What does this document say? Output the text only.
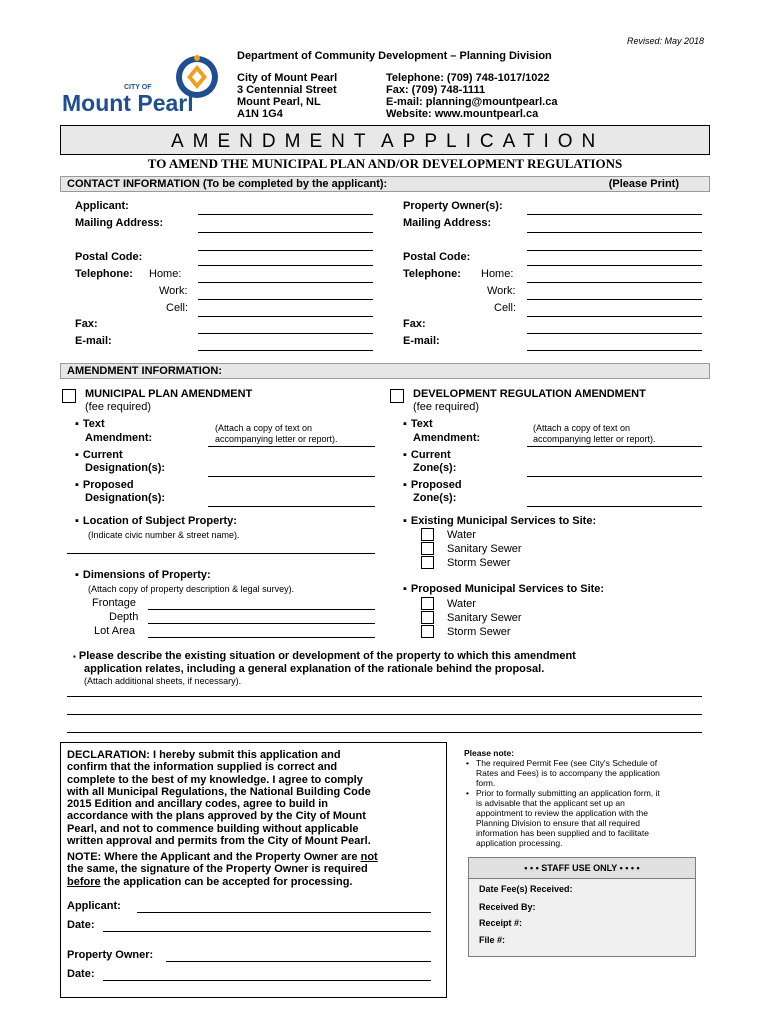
Revised: May 2018
CITY OF
Mount Pearl
Department of Community Development – Planning Division
City of Mount Pearl
3 Centennial Street
Mount Pearl, NL
A1N 1G4
Telephone: (709) 748-1017/1022
Fax: (709) 748-1111
E-mail: planning@mountpearl.ca
Website: www.mountpearl.ca
AMENDMENT APPLICATION
TO AMEND THE MUNICIPAL PLAN AND/OR DEVELOPMENT REGULATIONS
CONTACT INFORMATION (To be completed by the applicant):	(Please Print)
Applicant:
Mailing Address:
Postal Code:
Telephone: Home:
Work:
Cell:
Fax:
E-mail:
Property Owner(s):
Mailing Address:
Postal Code:
Telephone: Home:
Work:
Cell:
Fax:
E-mail:
AMENDMENT INFORMATION:
MUNICIPAL PLAN AMENDMENT
(fee required)
▪ Text
Amendment:
(Attach a copy of text on
accompanying letter or report).
▪ Current
Designation(s):
▪ Proposed
Designation(s):
▪ Location of Subject Property:
(Indicate civic number & street name).
▪ Dimensions of Property:
(Attach copy of property description & legal survey).
Frontage
Depth
Lot Area
DEVELOPMENT REGULATION AMENDMENT
(fee required)
▪ Text
Amendment:
(Attach a copy of text on
accompanying letter or report).
▪ Current
Zone(s):
▪ Proposed
Zone(s):
▪ Existing Municipal Services to Site:
Water
Sanitary Sewer
Storm Sewer
▪ Proposed Municipal Services to Site:
Water
Sanitary Sewer
Storm Sewer
▪ Please describe the existing situation or development of the property to which this amendment
application relates, including a general explanation of the rationale behind the proposal.
(Attach additional sheets, if necessary).
DECLARATION: I hereby submit this application and
confirm that the information supplied is correct and
complete to the best of my knowledge. I agree to comply
with all Municipal Regulations, the National Building Code
2015 Edition and ancillary codes, agree to build in
accordance with the plans approved by the City of Mount
Pearl, and not to commence building without applicable
written approval and permits from the City of Mount Pearl.
NOTE: Where the Applicant and the Property Owner are not
the same, the signature of the Property Owner is required
before the application can be accepted for processing.
Applicant:
Date:
Property Owner:
Date:
Please note:
• The required Permit Fee (see City's Schedule of
Rates and Fees) is to accompany the application
form.
• Prior to formally submitting an application form, it
is advisable that the applicant set up an
appointment to review the application with the
Planning Division to ensure that all required
information has been supplied and to facilitate
application processing.
• • • STAFF USE ONLY • • • •
Date Fee(s) Received:
Received By:
Receipt #:
File #:
